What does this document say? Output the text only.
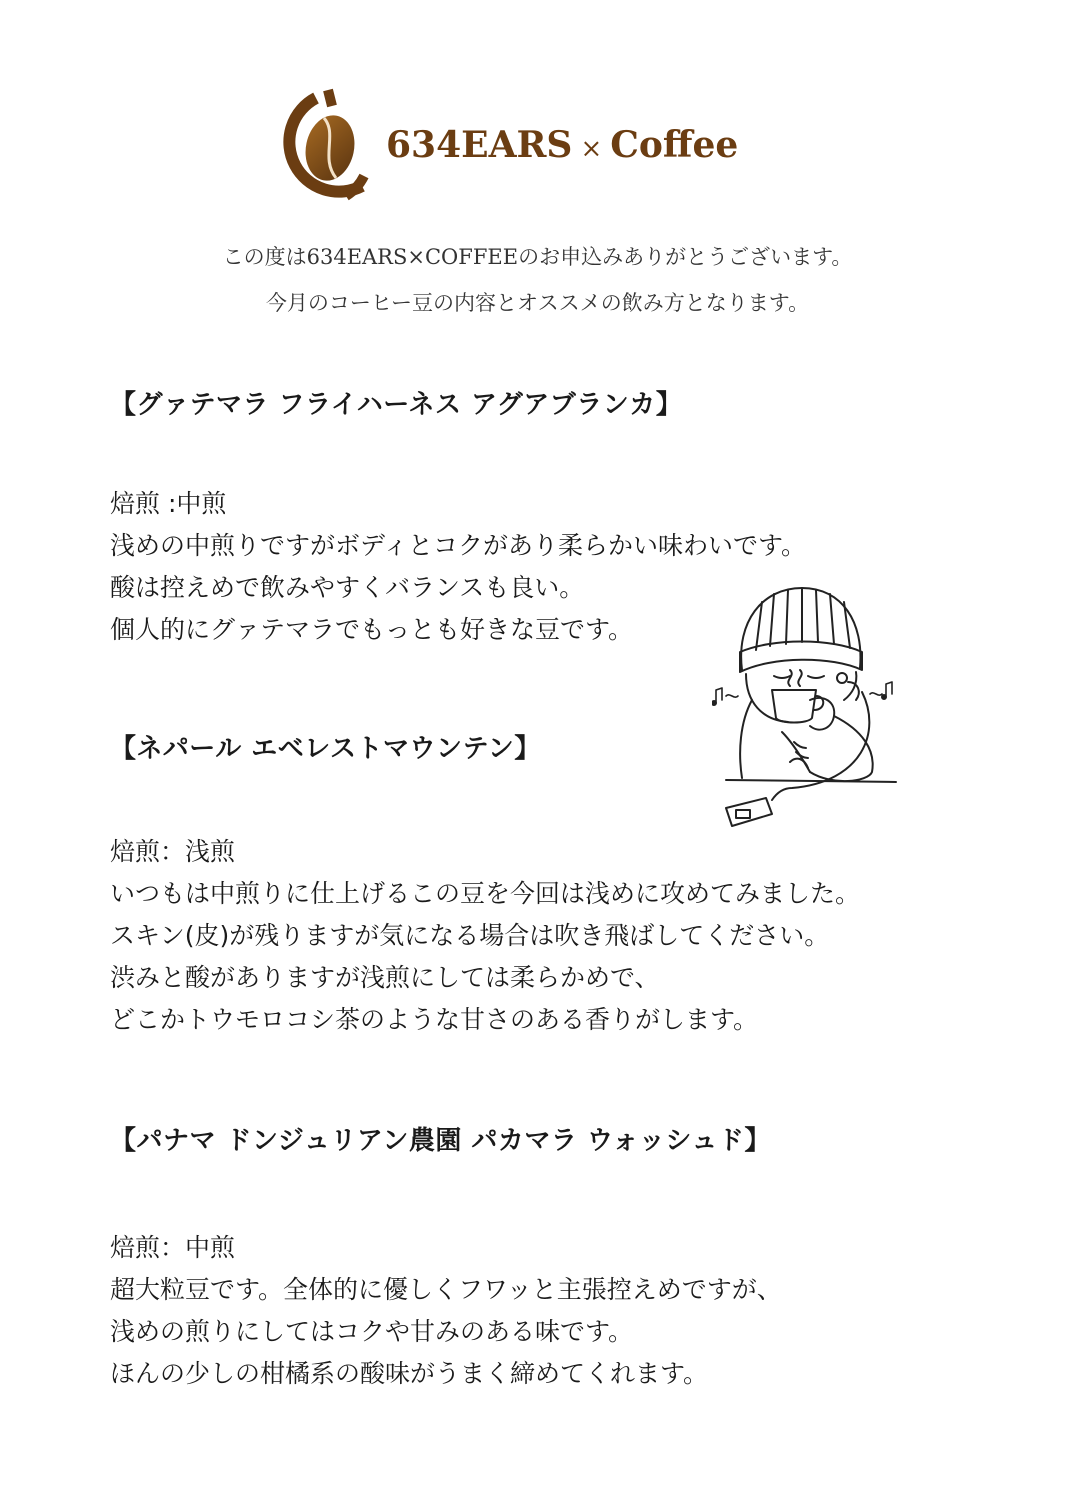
634EARS × Coffee

この度は634EARS×COFFEEのお申込みありがとうございます。

今月のコーヒー豆の内容とオススメの飲み方となります。

【グァテマラ フライハーネス アグアブランカ】

焙煎 :中煎

浅めの中煎りですがボディとコクがあり柔らかい味わいです。

酸は控えめで飲みやすくバランスも良い。

個人的にグァテマラでもっとも好きな豆です。

【ネパール エベレストマウンテン】

焙煎：浅煎

いつもは中煎りに仕上げるこの豆を今回は浅めに攻めてみました。

スキン(皮)が残りますが気になる場合は吹き飛ばしてください。

渋みと酸がありますが浅煎にしては柔らかめで、

どこかトウモロコシ茶のような甘さのある香りがします。

【パナマ ドンジュリアン農園 パカマラ ウォッシュド】

焙煎：中煎

超大粒豆です。全体的に優しくフワッと主張控えめですが、

浅めの煎りにしてはコクや甘みのある味です。

ほんの少しの柑橘系の酸味がうまく締めてくれます。
